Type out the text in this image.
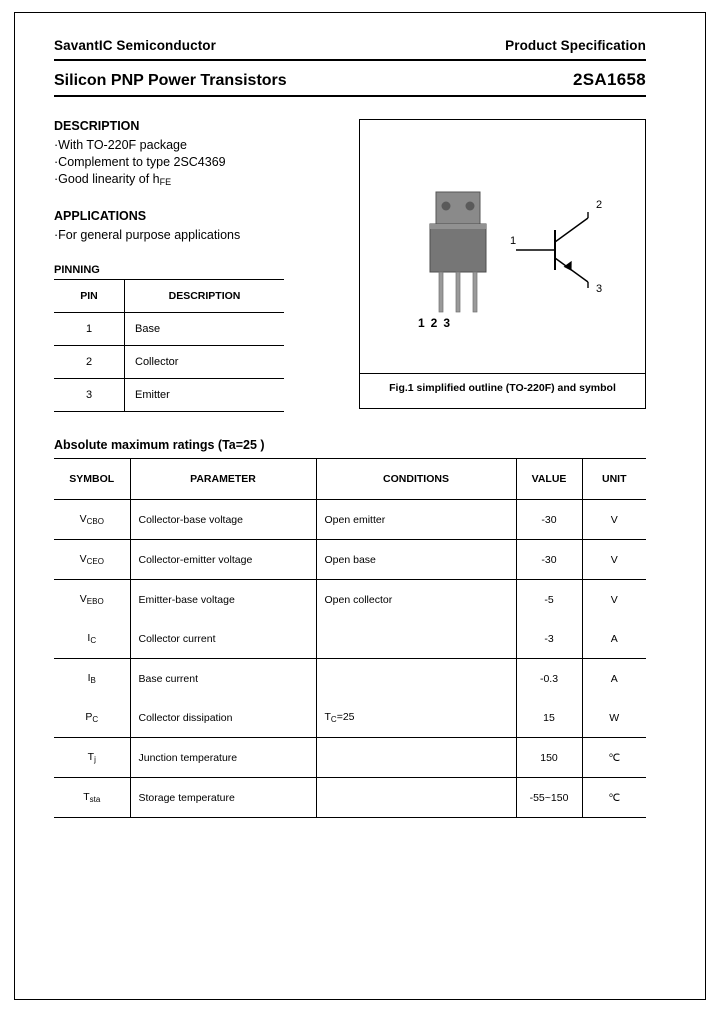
SavantIC Semiconductor	Product Specification
Silicon PNP Power Transistors	2SA1658
DESCRIPTION
·With TO-220F package
·Complement to type 2SC4369
·Good linearity of $h_{FE}$
APPLICATIONS
·For general purpose applications
PINNING
PIN	DESCRIPTION
1	Base
2	Collector
3	Emitter
123
2
3
1
Fig.1 simplified outline (TO-220F) and symbol
Absolute maximum ratings (Ta=25 )
SYMBOL	PARAMETER	CONDITIONS	VALUE	UNIT
VCBO	Collector-base voltage	Open emitter	-30	V
VCEO	Collector-emitter voltage	Open base	-30	V
VEBO	Emitter-base voltage	Open collector	-5	V
IC	Collector current		-3	A
IB	Base current		-0.3	A
PC	Collector dissipation	TC=25	15	W
Tj	Junction temperature		150	℃
Tsta	Storage temperature		-55~150	℃
